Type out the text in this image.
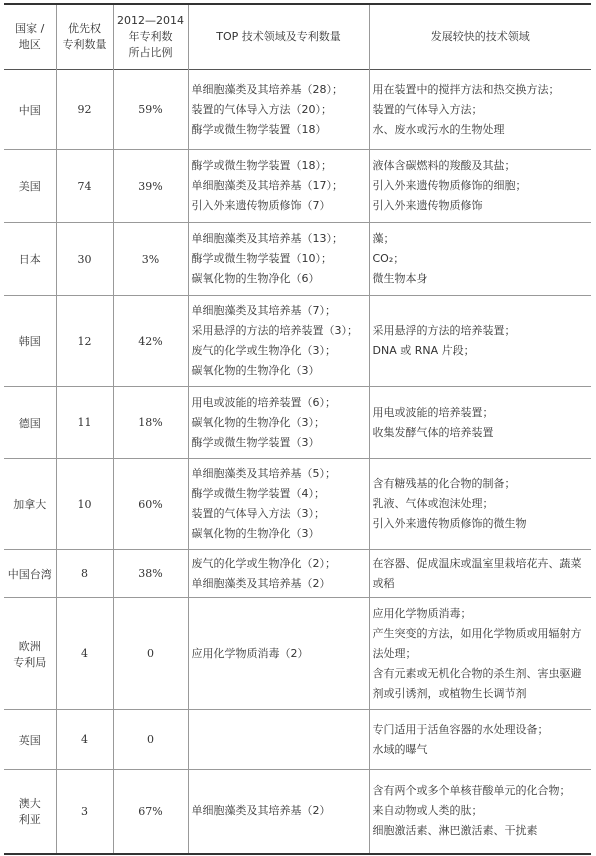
国家 /
地区	优先权
专利数量	2012—2014
年专利数
所占比例	TOP 技术领域及专利数量	发展较快的技术领域

中国	92	59%	单细胞藻类及其培养基（28）；
装置的气体导入方法（20）；
酶学或微生物学装置（18）	用在装置中的搅拌方法和热交换方法；
装置的气体导入方法；
水、废水或污水的生物处理

美国	74	39%	酶学或微生物学装置（18）；
单细胞藻类及其培养基（17）；
引入外来遗传物质修饰（7）	液体含碳燃料的羧酸及其盐；
引入外来遗传物质修饰的细胞；
引入外来遗传物质修饰

日本	30	3%	单细胞藻类及其培养基（13）；
酶学或微生物学装置（10）；
碳氧化物的生物净化（6）	藻；
CO₂；
微生物本身

韩国	12	42%	单细胞藻类及其培养基（7）；
采用悬浮的方法的培养装置（3）；
废气的化学或生物净化（3）；
碳氧化物的生物净化（3）	采用悬浮的方法的培养装置；
DNA 或 RNA 片段；

德国	11	18%	用电或波能的培养装置（6）；
碳氧化物的生物净化（3）；
酶学或微生物学装置（3）	用电或波能的培养装置；
收集发酵气体的培养装置

加拿大	10	60%	单细胞藻类及其培养基（5）；
酶学或微生物学装置（4）；
装置的气体导入方法（3）；
碳氧化物的生物净化（3）	含有糖残基的化合物的制备；
乳液、气体或泡沫处理；
引入外来遗传物质修饰的微生物

中国台湾	8	38%	废气的化学或生物净化（2）；
单细胞藻类及其培养基（2）	在容器、促成温床或温室里栽培花卉、蔬菜或稻

欧洲
专利局	4	0	应用化学物质消毒（2）	应用化学物质消毒；
产生突变的方法，如用化学物质或用辐射方法处理；
含有元素或无机化合物的杀生剂、害虫驱避剂或引诱剂，或植物生长调节剂

英国	4	0		专门适用于活鱼容器的水处理设备；
水域的曝气

澳大
利亚	3	67%	单细胞藻类及其培养基（2）	含有两个或多个单核苷酸单元的化合物；
来自动物或人类的肽；
细胞激活素、淋巴激活素、干扰素
